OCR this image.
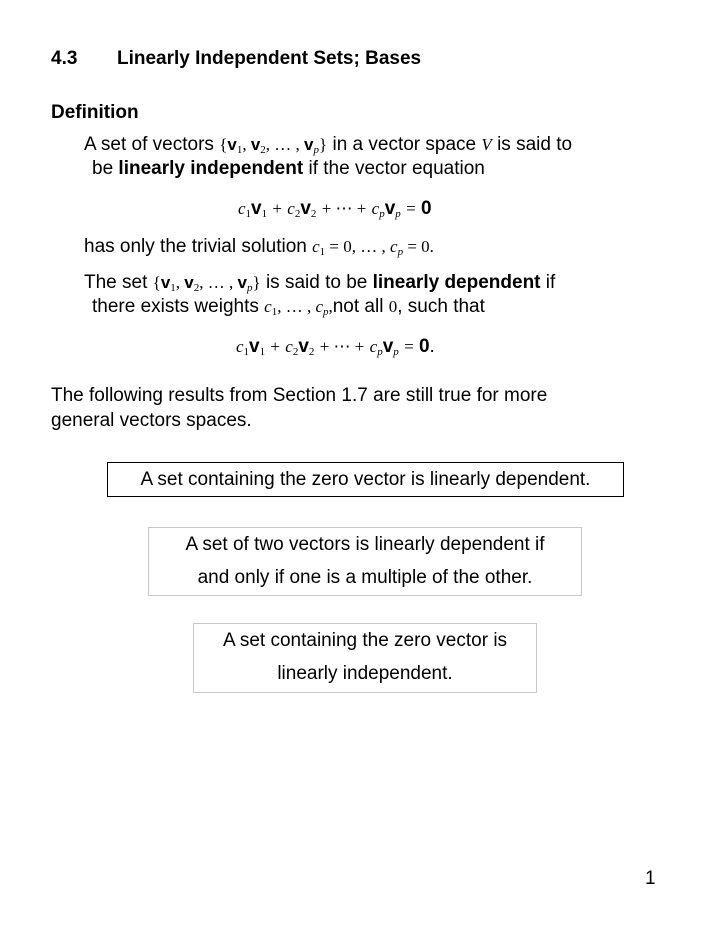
4.3 Linearly Independent Sets; Bases
Definition
A set of vectors {$v_1$, $v_2$, … , $v_p$} in a vector space V is said to
be linearly independent if the vector equation
$c_1v_1 + c_2v_2$ + ⋯ + $c_pv_p = 0$
has only the trivial solution $c_1 = 0$, … , $c_p = 0$.
The set {$v_1$, $v_2$, … , $v_p$} is said to be linearly dependent if
there exists weights $c_1$, … , $c_p,not$ all 0, such that
$c_1v_1 + c_2v_2$ + ⋯ + $c_pv_p = 0$.
The following results from Section 1.7 are still true for more
general vectors spaces.
A set containing the zero vector is linearly dependent.
A set of two vectors is linearly dependent if
and only if one is a multiple of the other.
A set containing the zero vector is
linearly independent.
1
